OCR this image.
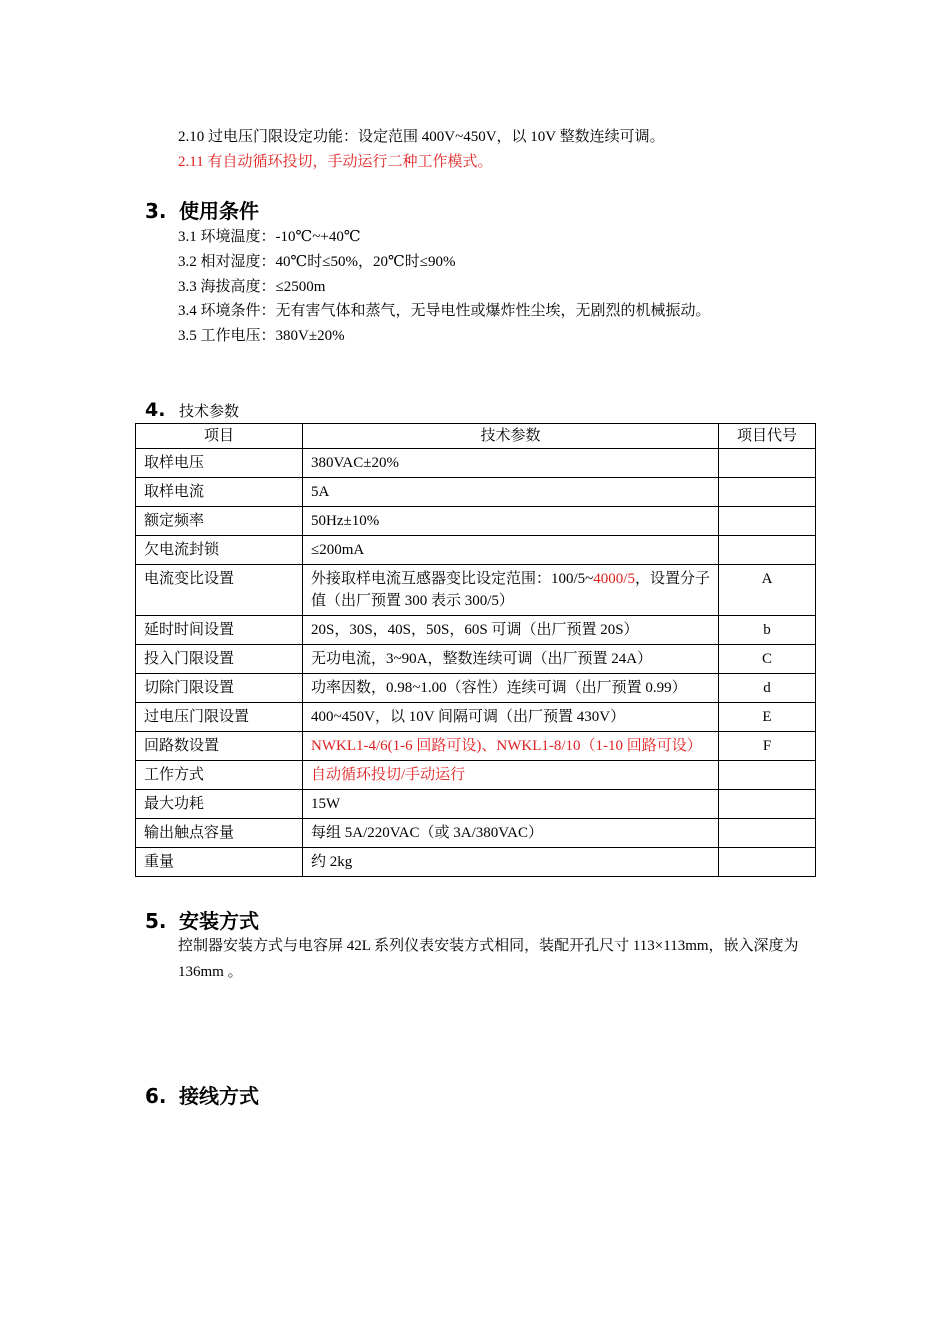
2.10 过电压门限设定功能：设定范围 400V~450V，以 10V 整数连续可调。
2.11 有自动循环投切，手动运行二种工作模式。
3. 使用条件
3.1 环境温度：-10℃~+40℃
3.2 相对湿度：40℃时≤50%，20℃时≤90%
3.3 海拔高度：≤2500m
3.4 环境条件：无有害气体和蒸气，无导电性或爆炸性尘埃，无剧烈的机械振动。
3.5 工作电压：380V±20%
4. 技术参数
项目	技术参数	项目代号
取样电压	380VAC±20%	
取样电流	5A	
额定频率	50Hz±10%	
欠电流封锁	≤200mA	
电流变比设置	外接取样电流互感器变比设定范围：100/5~4000/5，设置分子值（出厂预置 300 表示 300/5）	A
延时时间设置	20S，30S，40S，50S，60S 可调（出厂预置 20S）	b
投入门限设置	无功电流，3~90A，整数连续可调（出厂预置 24A）	C
切除门限设置	功率因数，0.98~1.00（容性）连续可调（出厂预置 0.99）	d
过电压门限设置	400~450V，以 10V 间隔可调（出厂预置 430V）	E
回路数设置	NWKL1-4/6(1-6 回路可设)、NWKL1-8/10（1-10 回路可设）	F
工作方式	自动循环投切/手动运行	
最大功耗	15W	
输出触点容量	每组 5A/220VAC（或 3A/380VAC）	
重量	约 2kg	
5. 安装方式
控制器安装方式与电容屏 42L 系列仪表安装方式相同，装配开孔尺寸 113×113mm，嵌入深度为 136mm 。
6. 接线方式
